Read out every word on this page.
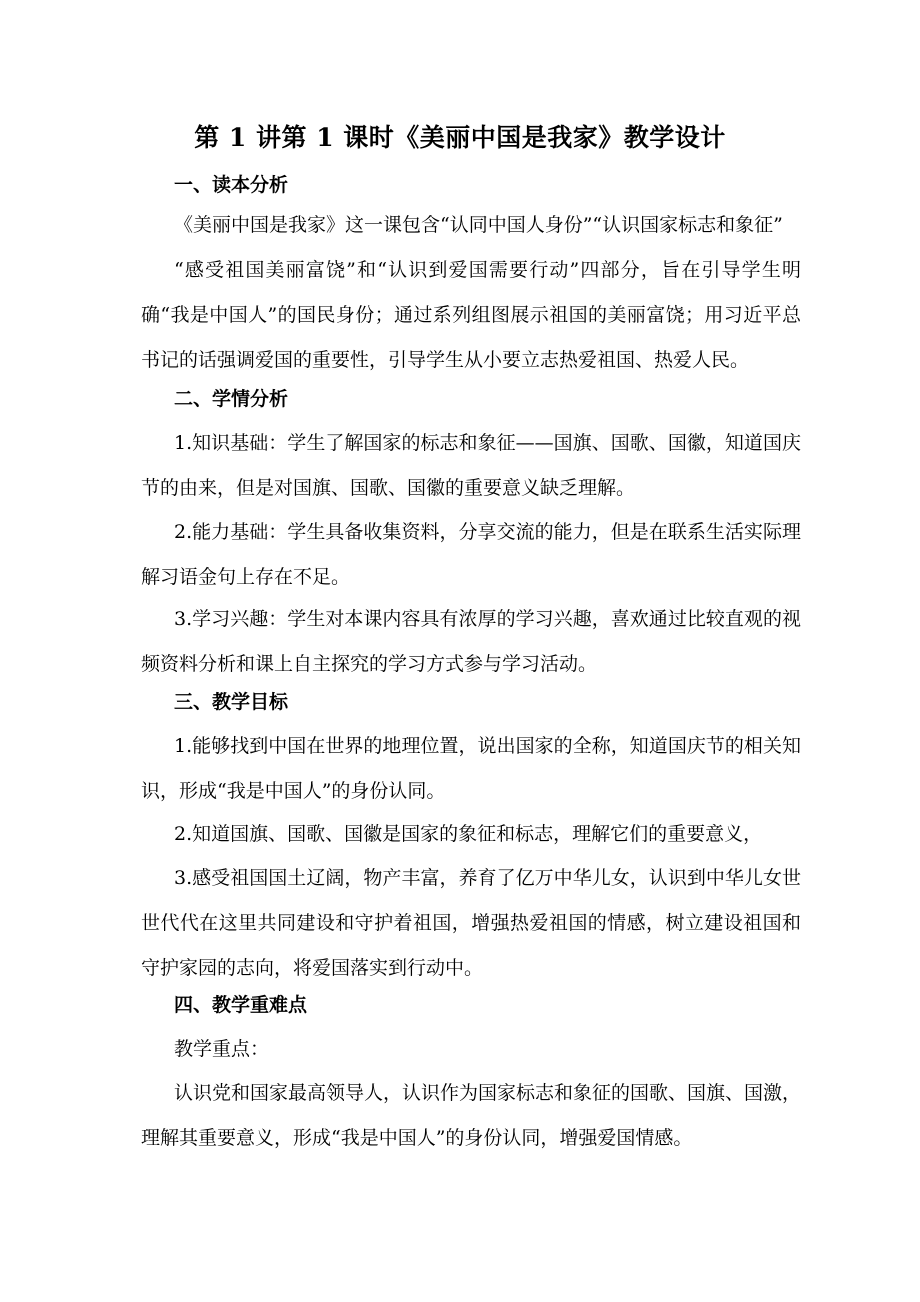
第 1 讲第 1 课时《美丽中国是我家》教学设计
一、读本分析
《美丽中国是我家》这一课包含“认同中国人身份”“认识国家标志和象征”
“感受祖国美丽富饶”和“认识到爱国需要行动”四部分，旨在引导学生明确“我是中国人”的国民身份；通过系列组图展示祖国的美丽富饶；用习近平总书记的话强调爱国的重要性，引导学生从小要立志热爱祖国、热爱人民。
二、学情分析
1.知识基础：学生了解国家的标志和象征——国旗、国歌、国徽，知道国庆节的由来，但是对国旗、国歌、国徽的重要意义缺乏理解。
2.能力基础：学生具备收集资料，分享交流的能力，但是在联系生活实际理解习语金句上存在不足。
3.学习兴趣：学生对本课内容具有浓厚的学习兴趣，喜欢通过比较直观的视频资料分析和课上自主探究的学习方式参与学习活动。
三、教学目标
1.能够找到中国在世界的地理位置，说出国家的全称，知道国庆节的相关知识，形成“我是中国人”的身份认同。
2.知道国旗、国歌、国徽是国家的象征和标志，理解它们的重要意义，
3.感受祖国国土辽阔，物产丰富，养育了亿万中华儿女，认识到中华儿女世世代代在这里共同建设和守护着祖国，增强热爱祖国的情感，树立建设祖国和守护家园的志向，将爱国落实到行动中。
四、教学重难点
教学重点：
认识党和国家最高领导人，认识作为国家标志和象征的国歌、国旗、国激，理解其重要意义，形成“我是中国人”的身份认同，增强爱国情感。
